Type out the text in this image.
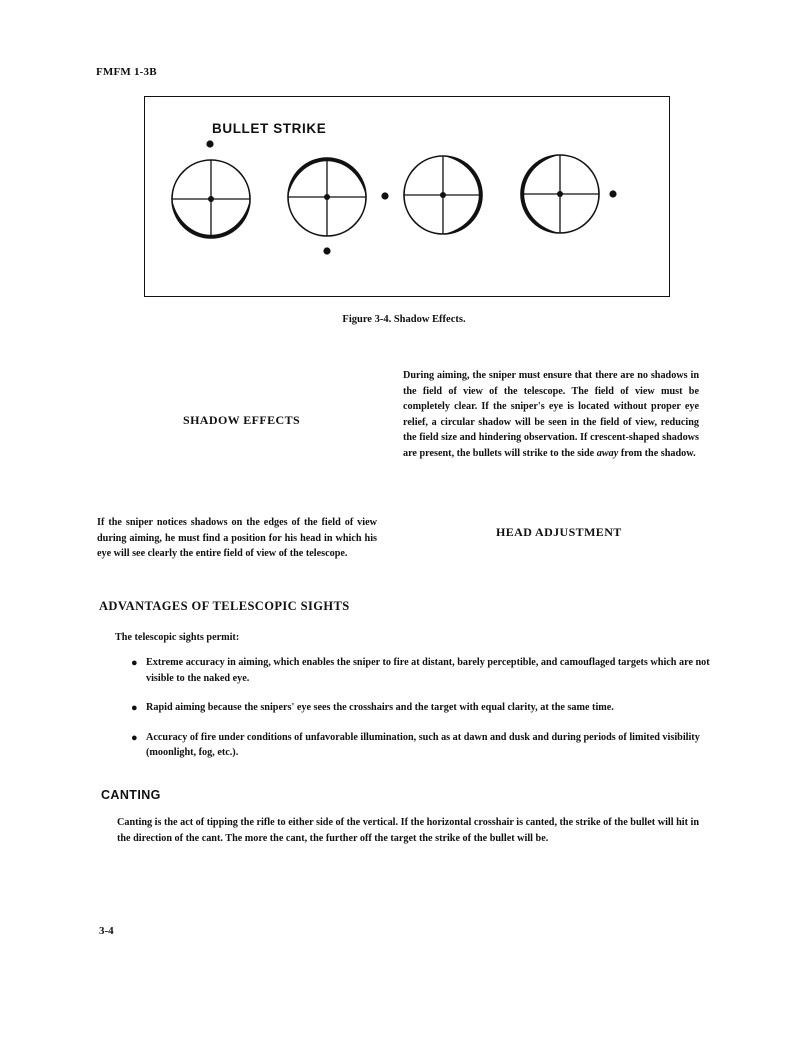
FMFM 1-3B
BULLET STRIKE
Figure 3-4. Shadow Effects.
SHADOW EFFECTS
During aiming, the sniper must ensure that there are no shadows in the field of view of the telescope. The field of view must be completely clear. If the sniper's eye is located without proper eye relief, a circular shadow will be seen in the field of view, reducing the field size and hindering observation. If crescent-shaped shadows are present, the bullets will strike to the side away from the shadow.
If the sniper notices shadows on the edges of the field of view during aiming, he must find a position for his head in which his eye will see clearly the entire field of view of the telescope.
HEAD ADJUSTMENT
ADVANTAGES OF TELESCOPIC SIGHTS
The telescopic sights permit:
● Extreme accuracy in aiming, which enables the sniper to fire at distant, barely perceptible, and camouflaged targets which are not visible to the naked eye.
● Rapid aiming because the snipers' eye sees the crosshairs and the target with equal clarity, at the same time.
● Accuracy of fire under conditions of unfavorable illumination, such as at dawn and dusk and during periods of limited visibility (moonlight, fog, etc.).
CANTING
Canting is the act of tipping the rifle to either side of the vertical. If the horizontal crosshair is canted, the strike of the bullet will hit in the direction of the cant. The more the cant, the further off the target the strike of the bullet will be.
3-4
